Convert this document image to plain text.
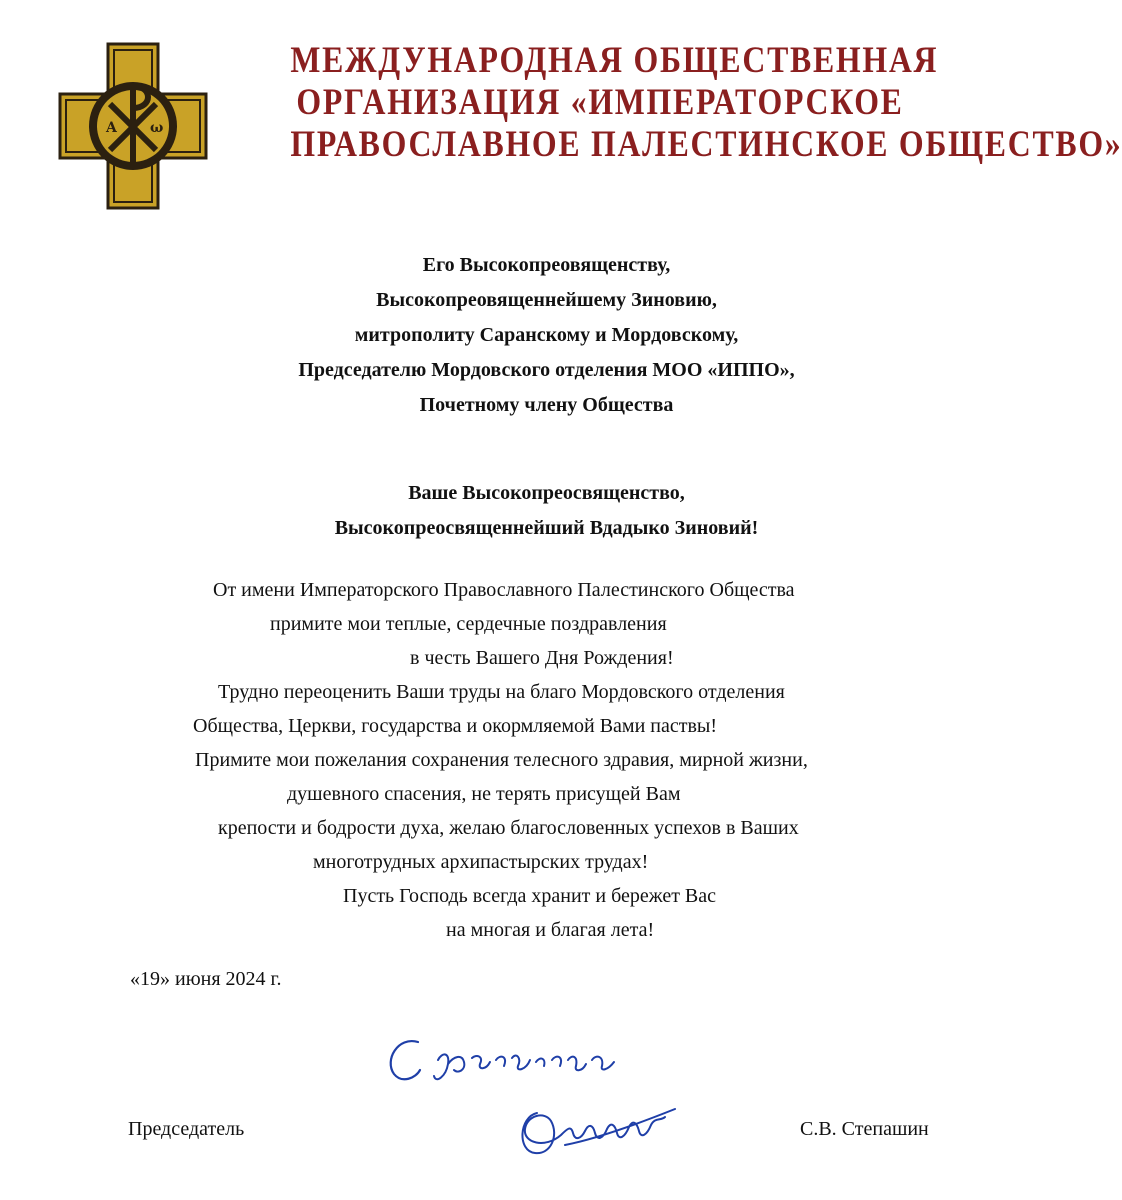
A ω
МЕЖДУНАРОДНАЯ ОБЩЕСТВЕННАЯ
ОРГАНИЗАЦИЯ «ИМПЕРАТОРСКОЕ
ПРАВОСЛАВНОЕ ПАЛЕСТИНСКОЕ ОБЩЕСТВО»
Его Высокопреовященству,
Высокопреовященнейшему Зиновию,
митрополиту Саранскому и Мордовскому,
Председателю Мордовского отделения МОО «ИППО»,
Почетному члену Общества
Ваше Высокопреосвященство,
Высокопреосвященнейший Вдадыко Зиновий!
От имени Императорского Православного Палестинского Общества
примите мои теплые, сердечные поздравления
в честь Вашего Дня Рождения!
Трудно переоценить Ваши труды на благо Мордовского отделения
Общества, Церкви, государства и окормляемой Вами паствы!
Примите мои пожелания сохранения телесного здравия, мирной жизни,
душевного спасения, не терять присущей Вам
крепости и бодрости духа, желаю благословенных успехов в Ваших
многотрудных архипастырских трудах!
Пусть Господь всегда хранит и бережет Вас
на многая и благая лета!
«19» июня 2024 г.
Председатель	С.В. Степашин
